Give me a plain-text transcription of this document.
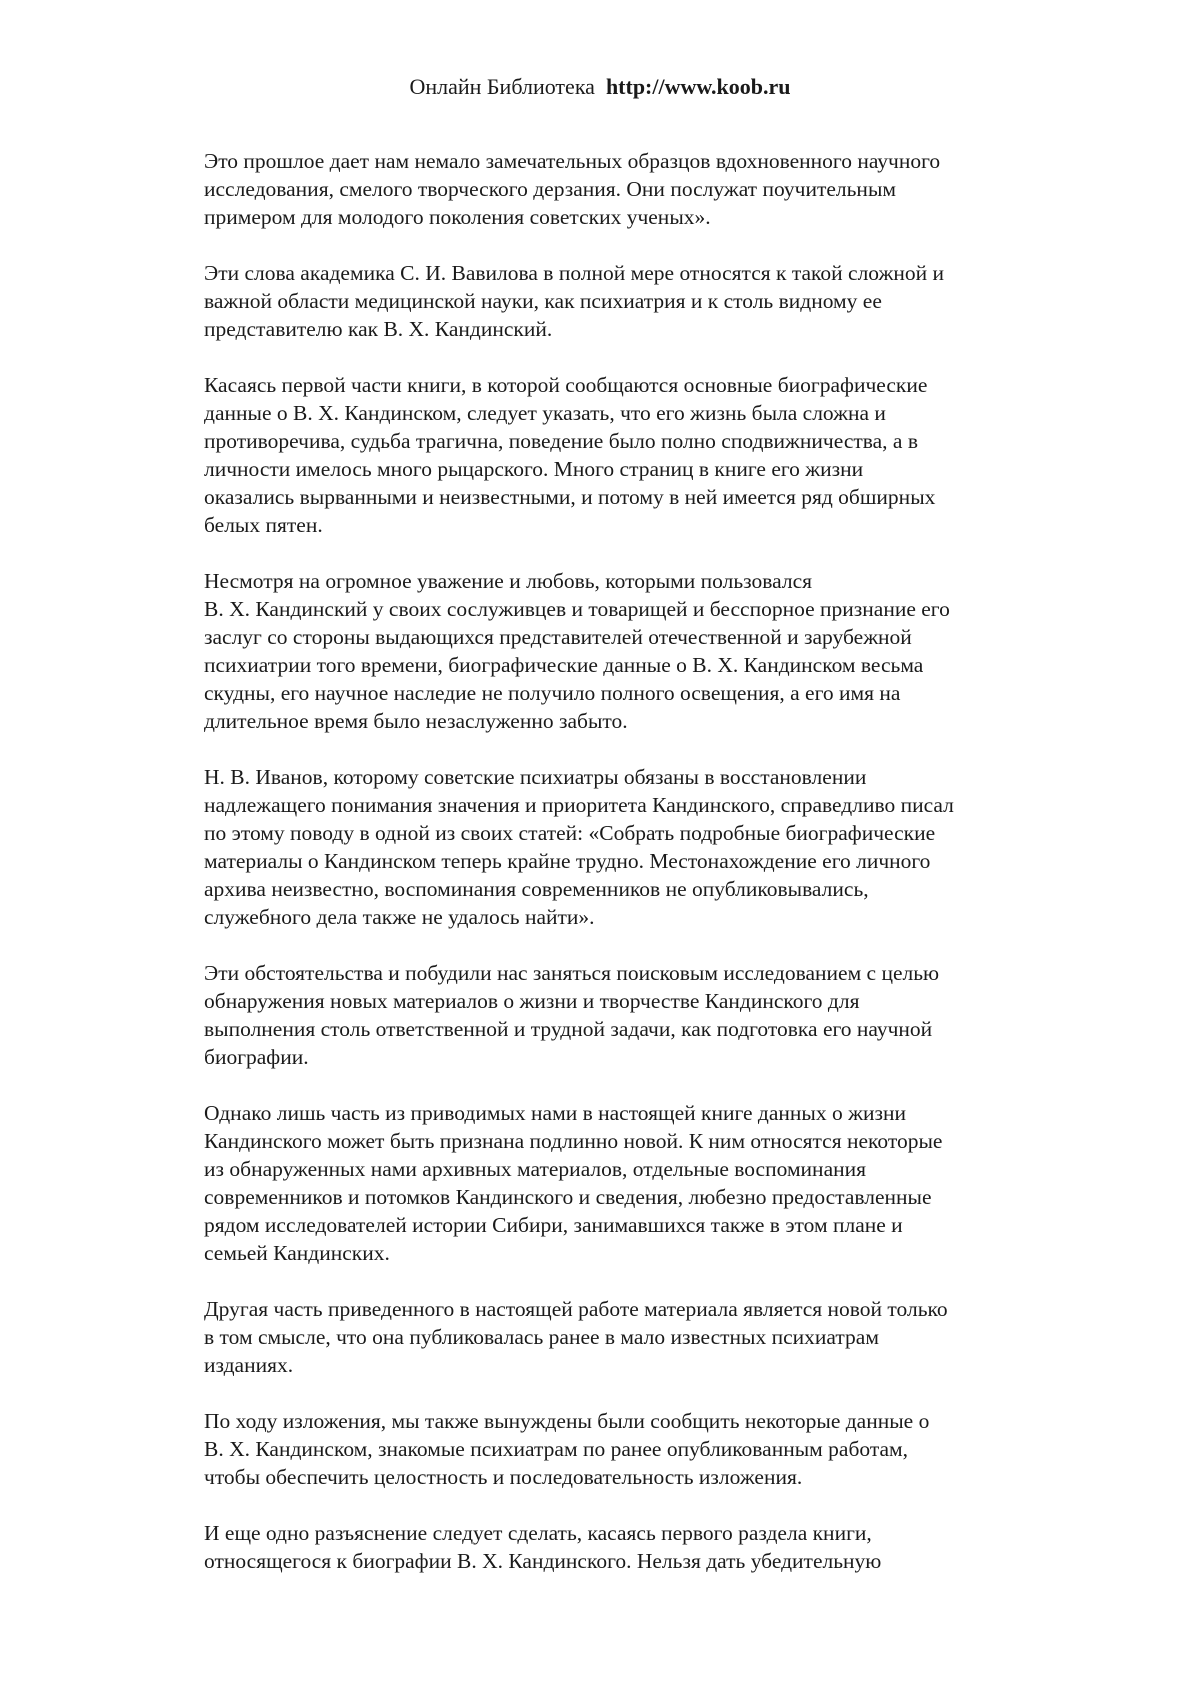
Онлайн Библиотека http://www.koob.ru
Это прошлое дает нам немало замечательных образцов вдохновенного научного
исследования, смелого творческого дерзания. Они послужат поучительным
примером для молодого поколения советских ученых».
Эти слова академика С. И. Вавилова в полной мере относятся к такой сложной и
важной области медицинской науки, как психиатрия и к столь видному ее
представителю как В. Х. Кандинский.
Касаясь первой части книги, в которой сообщаются основные биографические
данные о В. Х. Кандинском, следует указать, что его жизнь была сложна и
противоречива, судьба трагична, поведение было полно сподвижничества, а в
личности имелось много рыцарского. Много страниц в книге его жизни
оказались вырванными и неизвестными, и потому в ней имеется ряд обширных
белых пятен.
Несмотря на огромное уважение и любовь, которыми пользовался
В. Х. Кандинский у своих сослуживцев и товарищей и бесспорное признание его
заслуг со стороны выдающихся представителей отечественной и зарубежной
психиатрии того времени, биографические данные о В. Х. Кандинском весьма
скудны, его научное наследие не получило полного освещения, а его имя на
длительное время было незаслуженно забыто.
Н. В. Иванов, которому советские психиатры обязаны в восстановлении
надлежащего понимания значения и приоритета Кандинского, справедливо писал
по этому поводу в одной из своих статей: «Собрать подробные биографические
материалы о Кандинском теперь крайне трудно. Местонахождение его личного
архива неизвестно, воспоминания современников не опубликовывались,
служебного дела также не удалось найти».
Эти обстоятельства и побудили нас заняться поисковым исследованием с целью
обнаружения новых материалов о жизни и творчестве Кандинского для
выполнения столь ответственной и трудной задачи, как подготовка его научной
биографии.
Однако лишь часть из приводимых нами в настоящей книге данных о жизни
Кандинского может быть признана подлинно новой. К ним относятся некоторые
из обнаруженных нами архивных материалов, отдельные воспоминания
современников и потомков Кандинского и сведения, любезно предоставленные
рядом исследователей истории Сибири, занимавшихся также в этом плане и
семьей Кандинских.
Другая часть приведенного в настоящей работе материала является новой только
в том смысле, что она публиковалась ранее в мало известных психиатрам
изданиях.
По ходу изложения, мы также вынуждены были сообщить некоторые данные о
В. Х. Кандинском, знакомые психиатрам по ранее опубликованным работам,
чтобы обеспечить целостность и последовательность изложения.
И еще одно разъяснение следует сделать, касаясь первого раздела книги,
относящегося к биографии В. Х. Кандинского. Нельзя дать убедительную
